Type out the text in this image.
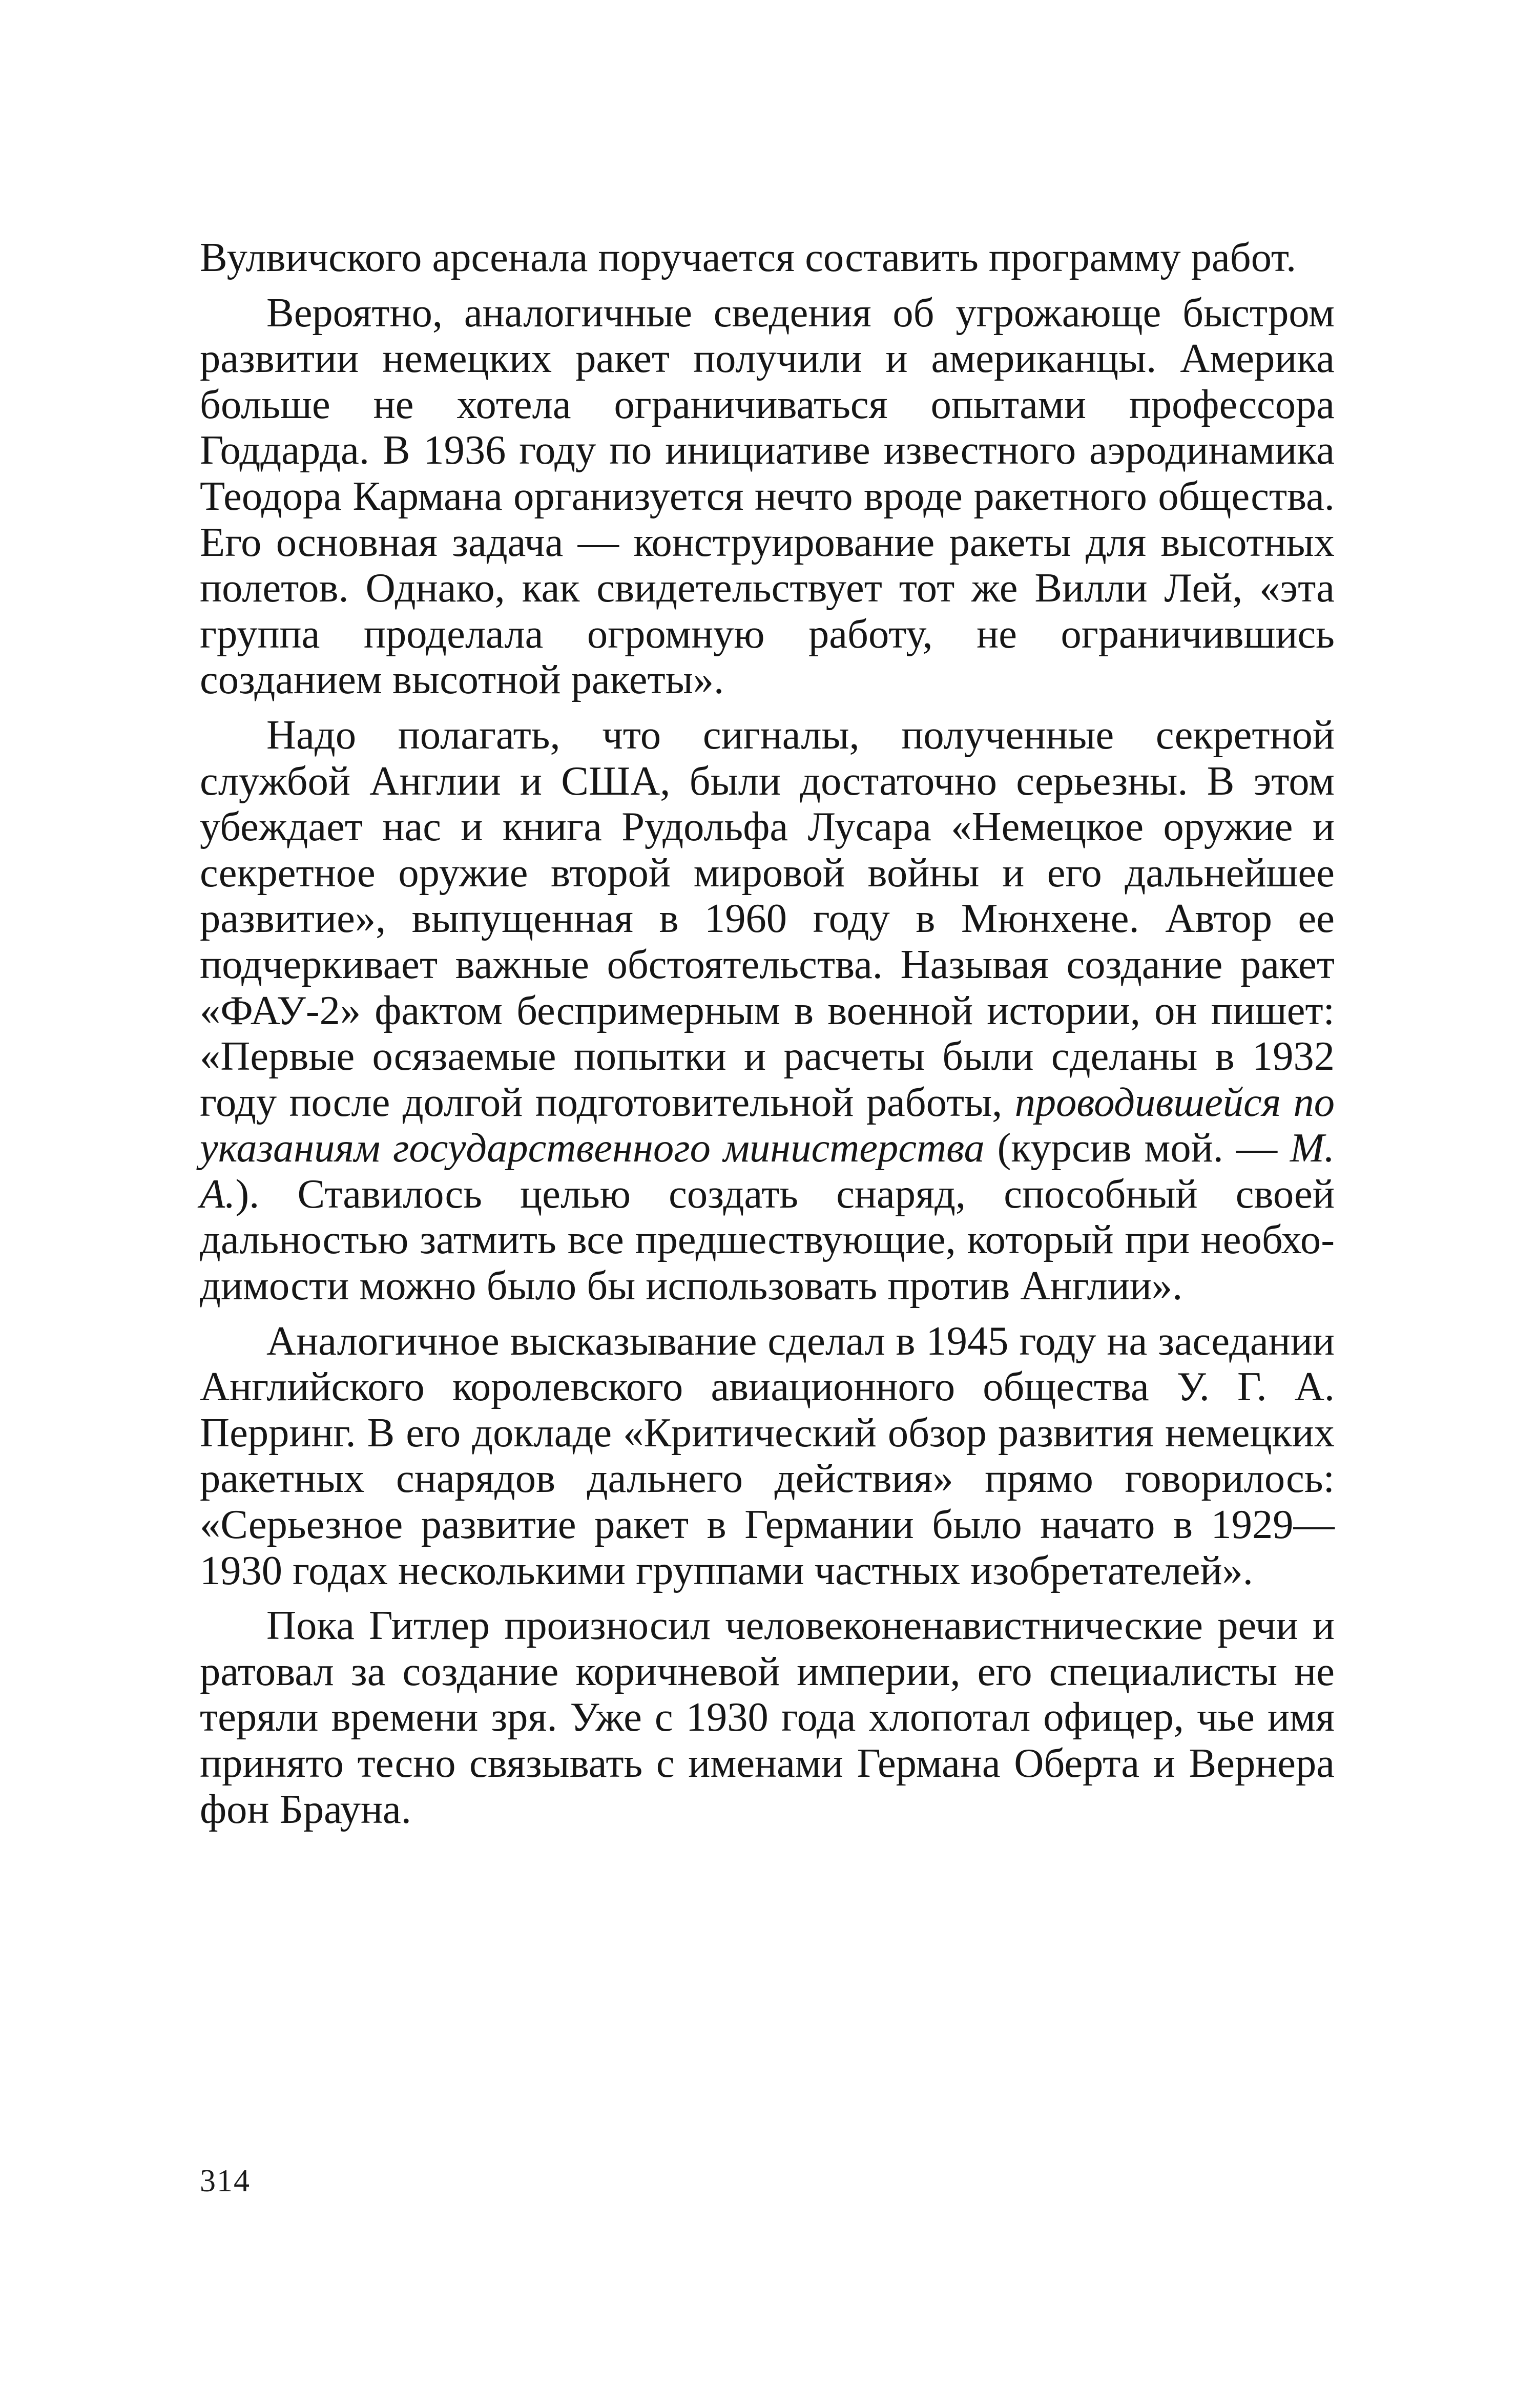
Вулвичского арсенала поручается составить программу работ.

Вероятно, аналогичные сведения об угрожающе быстром развитии немецких ракет получили и американцы. Америка больше не хотела ограничиваться опытами профессора Годдарда. В 1936 году по инициативе известного аэродинамика Теодора Кармана организуется нечто вроде ракетного общества. Его основная задача — конструирование ракеты для высотных полетов. Однако, как свидетельствует тот же Вилли Лей, «эта группа проделала огромную работу, не ограничившись созданием высотной ракеты».

Надо полагать, что сигналы, полученные секретной службой Англии и США, были достаточно серьезны. В этом убеждает нас и книга Рудольфа Лусара «Немецкое оружие и секретное оружие второй мировой войны и его дальнейшее развитие», выпущенная в 1960 году в Мюнхене. Автор ее подчеркивает важные обстоятельства. Называя создание ракет «ФАУ-2» фактом беспримерным в военной истории, он пишет: «Первые осязаемые попытки и расчеты были сделаны в 1932 году после долгой подготовительной работы, проводившейся по указаниям государственного министерства (курсив мой. — М. А.). Ставилось целью создать снаряд, способный своей дальностью затмить все предшествующие, который при необходимости можно было бы использовать против Англии».

Аналогичное высказывание сделал в 1945 году на заседании Английского королевского авиационного общества У. Г. А. Перринг. В его докладе «Критический обзор развития немецких ракетных снарядов дальнего действия» прямо говорилось: «Серьезное развитие ракет в Германии было начато в 1929— 1930 годах несколькими группами частных изобретателей».

Пока Гитлер произносил человеконенавистнические речи и ратовал за создание коричневой империи, его специалисты не теряли времени зря. Уже с 1930 года хлопотал офицер, чье имя принято тесно связывать с именами Германа Оберта и Вернера фон Брауна.

314
